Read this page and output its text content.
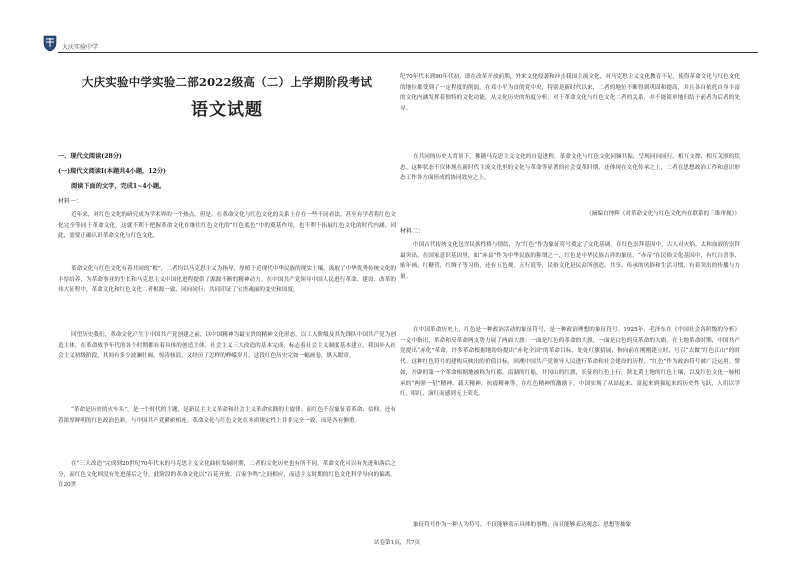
大庆实验中学
大庆实验中学实验二部2022级高（二）上学期阶段考试
语文试题
一、现代文阅读(28分)
(一)现代文阅读Ⅰ(本题共4小题，12分)
阅读下面的文字，完成1~4小题。
材料一：
近年来，对红色文化的研究成为学术界的一个热点。但是，在革命文化与红色文化的关系上存在一些不同看法，甚至有学者将红色文化完全等同于革命文化，这就不利于把握革命文化在继往红色文化的“红色底色”中的奠基作用，也不利于拓展红色文化的时代内涵。因此，需要正确认识革命文化与红色文化。
革命文化与红色文化有着共同的“根”，二者均以马克思主义为指导，厚植于近现代中华民族的现实土壤，汲取了中华优秀传统文化的丰厚给养，为革命事业的生长和马克思主义中国化进程提供了源源不断的精神动力。在中国共产党领导中国人民进行革命、建设、改革的伟大征程中，革命文化和红色文化二者根源一致、同向同行，共同印证了宝贵魂丽的变史和国度。
回望历史我们，革命文化产生于中国共产党创建之前，以中国精神为最宝贵的精神文化形态，以工人阶级及其先锋队中国共产党为创造主体，在革命战争年代的各个时期都有着具体的创造主体。社会主义三大改造的基本完成，标志着社会主义制度基本建立，我国步入社会主义初级阶段。其间有多少波澜壮阔、惊涛骇浪，又经历了怎样的峥嵘岁月，这段红色历史完如一幅画卷，纵入眼帘。
“革命是历史的火车头”，是一个时代的主题，是新民主主义革命和社会主义革命实践的主旋律；而红色不仅象征着革命、信仰，还有着浓厚鲜明的红色政治色彩，与中国共产党紧密相连。革命文化与红色文化在本质规定性上并非完全一致，而是各有侧重。
在“三大改造”完成到20世纪70年代末的马克思主义文化曲折发展时期，二者的文化历史也有所不同。革命文化可以有先进和落后之分，而红色文化则没有先进落后之分，此阶段的革命文化以“百花齐放、百家争鸣”之间相应，而适主义时期的红色文化科学导向的偏离。在20世
纪70年代末到90年代初，即在改革开放前期，外来文化侵袭和冲击我国主流文化，对马克思主义文化教育不足，使得革命文化与红色文化的地位都受到了一定程度的削弱。在邓小平为首的党中央，特别是新时代以来，二者的地位不断得到巩固和提高，并且各自依托自身丰富的文化内涵发挥着独特的文化功能，从文化历史的角度分析，对于革命文化与红色文化二者的关系，并不能简单地归结于前者为后者的先导。
在共同的历史大背景下，佛随马克思主义文化的自觉进程，革命文化与红色文化同频共振，呈现同向同行、相互支撑、相互关照的状态。这种状态不仅体现在新时代主流文化里的文化与革命等显著的社会变革时期，还体现在文化传承之上，二者在思想政治工作和意识形态工作各方面形成的协同效应之上。
（摘编自钟辉《对革命文化与红色文化内在联系的三维审视》）
材料二：
中国古代传统文化包含民族性格与情结，为“红色”作为象征符号奠定了文化基调。在红色崇拜基因中，古人对火焰、太和血液的崇拜最突出。在国家意识基因里，如“赤县”作为中华民族的称谓之一，红色是中华民族吉祥的象征，“赤帝”在民俗文化基因中，有红白喜事、贴年画、红糖营、红绸子等习俗，还有五色观、五行说等，民俗文化是民众所创造、共享、传承的风俗和生活习惯，有着突出的传播与力量。
在中国革命历史上，红色是一种政治活动的象征符号，是一种政治理想的象征符号。1925年，毛泽东在《中国社会各阶级的分析》一文中指出，革命和反革命两支势力展了两面大旗：一面是红色的革命的大旗，一面是白色的反革命的大旗。在土地革命时期，中国共产党提出“赤化”革命，许多革命根据地纷纷提出“赤化全国”的革命目标，处处红旗招展，指向前在刚刚建立时，号召“去做“红色江山”的时代。这种红色符号的建构反映出的价值目标，回溯中国共产党领导人民进行革命和社会建设的历程，“红色”作为政治符号被广泛运用。譬如，开辟的第一个革命根据地被称为红都，南湖的红船，井冈山的红旗，长征的红色上行，陕北黄土地的红色土壤，以及红色文化一脉相承的“两弹一星”精神、载天精神、抗震精神等。在红色精神的激励下，中国实现了从站起来、富起来到强起来的历史性飞跃，人们以学红、唱红、演红而感到无上荣光。
象征符号作为一种人为符号，不仅能够表示具体的事物，而且能够表达观念、思想等抽象
试卷第1页，共7页
